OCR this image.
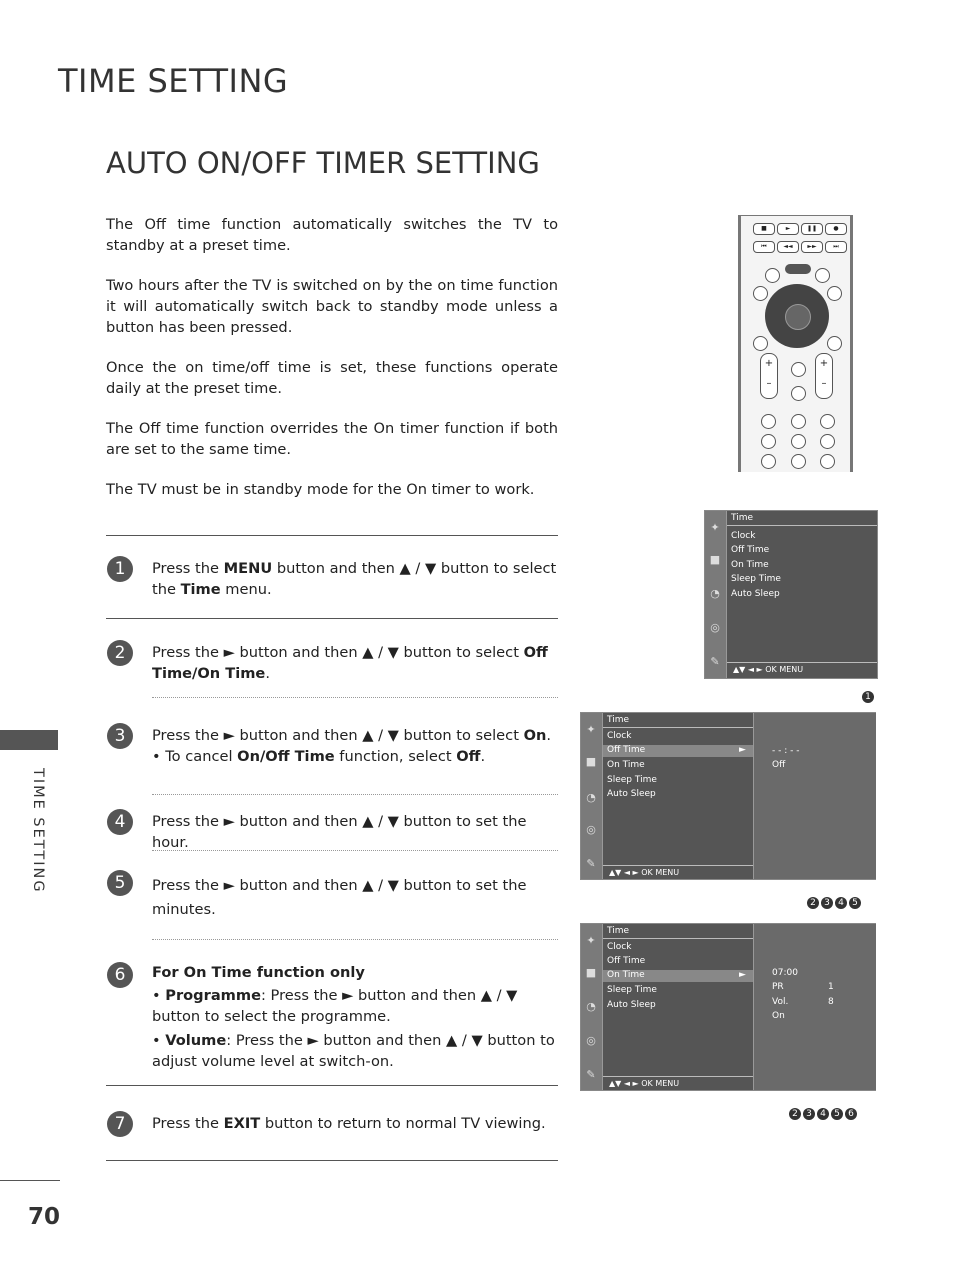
TIME SETTING
AUTO ON/OFF TIMER SETTING

The Off time function automatically switches the TV to standby at a preset time.

Two hours after the TV is switched on by the on time function it will automatically switch back to standby mode unless a button has been pressed.

Once the on time/off time is set, these functions operate daily at the preset time.

The Off time function overrides the On timer function if both are set to the same time.

The TV must be in standby mode for the On timer to work.

■	►	❚❚	●
⏮	◄◄	►►	⏭
+
–
+
–
1	Press the MENU button and then ▲ / ▼ button to select the Time menu.

2	Press the ► button and then ▲ / ▼ button to select Off Time/On Time.

3	Press the ► button and then ▲ / ▼ button to select On.
• To cancel On/Off Time function, select Off.

4	Press the ► button and then ▲ / ▼ button to set the hour.

5	Press the ► button and then ▲ / ▼ button to set the minutes.

6	For On Time function only

• Programme: Press the ► button and then ▲ / ▼ button to select the programme.

• Volume: Press the ► button and then ▲ / ▼ button to adjust volume level at switch-on.

7	Press the EXIT button to return to normal TV viewing.

✦
■
◔
◎
✎
Time
Clock
Off Time
On Time
Sleep Time
Auto Sleep
▲▼ ◄ ► OK MENU
1
✦
■
◔
◎
✎
Time
Clock
Off Time	►
On Time
Sleep Time
Auto Sleep
▲▼ ◄ ► OK MENU
- - : - -
Off
2 3 4 5
✦
■
◔
◎
✎
Time
Clock
Off Time
On Time	►
Sleep Time
Auto Sleep
▲▼ ◄ ► OK MENU
07:00
PR	1
Vol.	8
On
2 3 4 5 6
TIME SETTING
70
